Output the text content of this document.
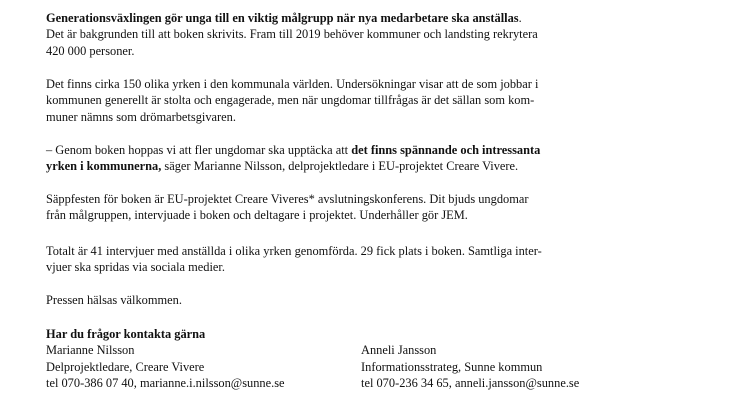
Generationsväxlingen gör unga till en viktig målgrupp när nya medarbetare ska anställas.

Det är bakgrunden till att boken skrivits. Fram till 2019 behöver kommuner och landsting rekrytera

420 000 personer.

Det finns cirka 150 olika yrken i den kommunala världen. Undersökningar visar att de som jobbar i

kommunen generellt är stolta och engagerade, men när ungdomar tillfrågas är det sällan som kom-

muner nämns som drömarbetsgivaren.

– Genom boken hoppas vi att fler ungdomar ska upptäcka att det finns spännande och intressanta

yrken i kommunerna, säger Marianne Nilsson, delprojektledare i EU-projektet Creare Vivere.

Säppfesten för boken är EU-projektet Creare Viveres* avslutningskonferens. Dit bjuds ungdomar

från målgruppen, intervjuade i boken och deltagare i projektet. Underhåller gör JEM.

Totalt är 41 intervjuer med anställda i olika yrken genomförda. 29 fick plats i boken. Samtliga inter-

vjuer ska spridas via sociala medier.

Pressen hälsas välkommen.

Har du frågor kontakta gärna
Marianne Nilsson
Delprojektledare, Creare Vivere
tel 070-386 07 40, marianne.i.nilsson@sunne.se
Anneli Jansson
Informationsstrateg, Sunne kommun
tel 070-236 34 65, anneli.jansson@sunne.se
